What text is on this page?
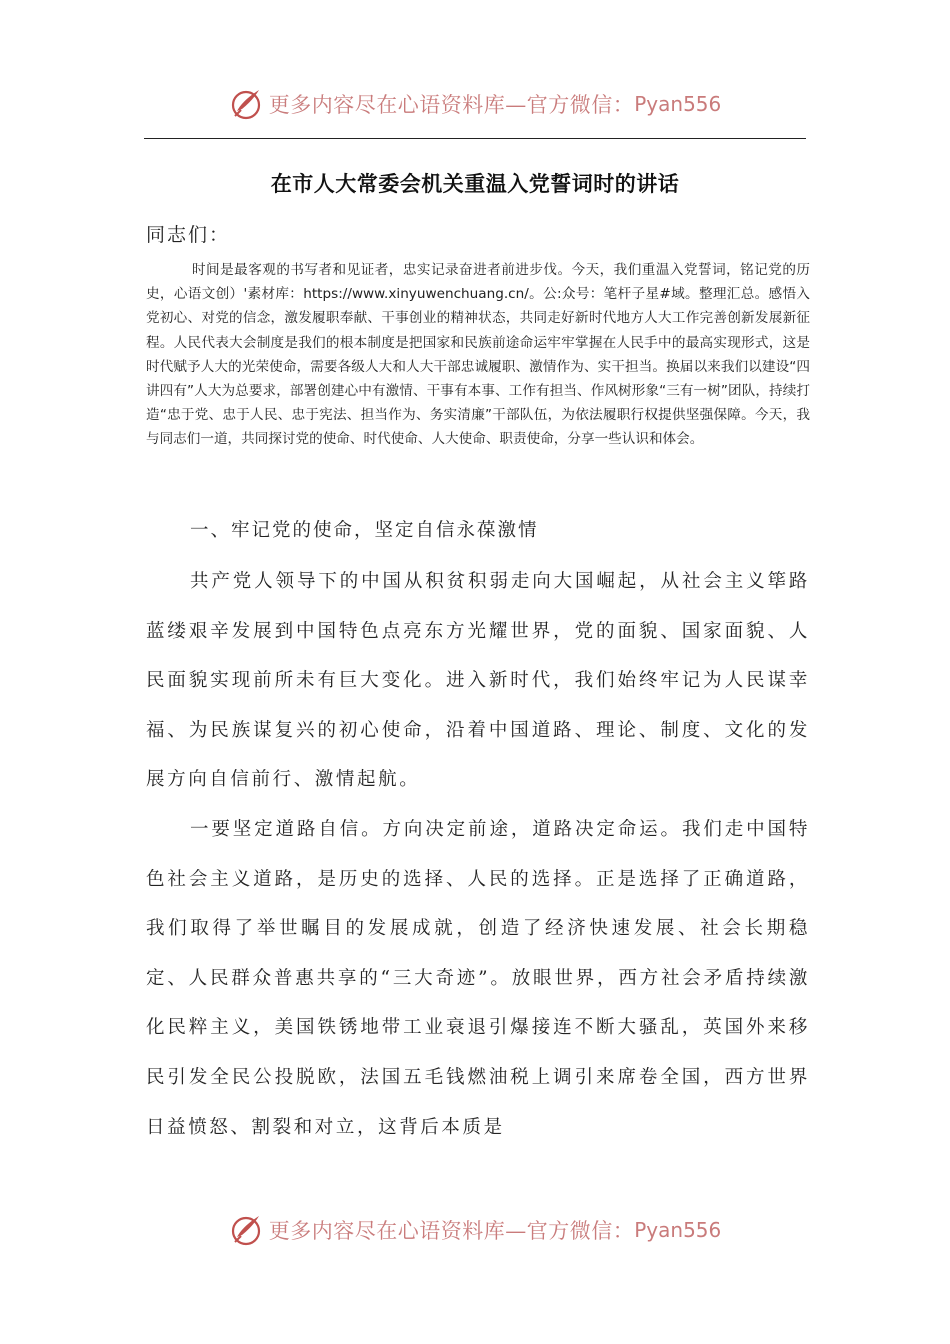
更多内容尽在心语资料库—官方微信： Pyan556
在市人大常委会机关重温入党誓词时的讲话
同志们：
时间是最客观的书写者和见证者，忠实记录奋进者前进步伐。今天，我们重温入党誓词，铭记党的历史，心语文创）'素材库：https://www.xinyuwenchuang.cn/。公:众号：笔杆子星#域。整理汇总。感悟入党初心、对党的信念，激发履职奉献、干事创业的精神状态，共同走好新时代地方人大工作完善创新发展新征程。人民代表大会制度是我们的根本制度是把国家和民族前途命运牢牢掌握在人民手中的最高实现形式，这是时代赋予人大的光荣使命，需要各级人大和人大干部忠诚履职、激情作为、实干担当。换届以来我们以建设“四讲四有”人大为总要求，部署创建心中有激情、干事有本事、工作有担当、作风树形象“三有一树”团队，持续打造“忠于党、忠于人民、忠于宪法、担当作为、务实清廉”干部队伍，为依法履职行权提供坚强保障。今天，我与同志们一道，共同探讨党的使命、时代使命、人大使命、职责使命，分享一些认识和体会。
一、牢记党的使命，坚定自信永葆激情
共产党人领导下的中国从积贫积弱走向大国崛起，从社会主义筚路蓝缕艰辛发展到中国特色点亮东方光耀世界，党的面貌、国家面貌、人民面貌实现前所未有巨大变化。进入新时代，我们始终牢记为人民谋幸福、为民族谋复兴的初心使命，沿着中国道路、理论、制度、文化的发展方向自信前行、激情起航。
一要坚定道路自信。方向决定前途，道路决定命运。我们走中国特色社会主义道路，是历史的选择、人民的选择。正是选择了正确道路，我们取得了举世瞩目的发展成就，创造了经济快速发展、社会长期稳定、人民群众普惠共享的“三大奇迹”。放眼世界，西方社会矛盾持续激化民粹主义，美国铁锈地带工业衰退引爆接连不断大骚乱，英国外来移民引发全民公投脱欧，法国五毛钱燃油税上调引来席卷全国，西方世界日益愤怒、割裂和对立，这背后本质是
更多内容尽在心语资料库—官方微信： Pyan556
